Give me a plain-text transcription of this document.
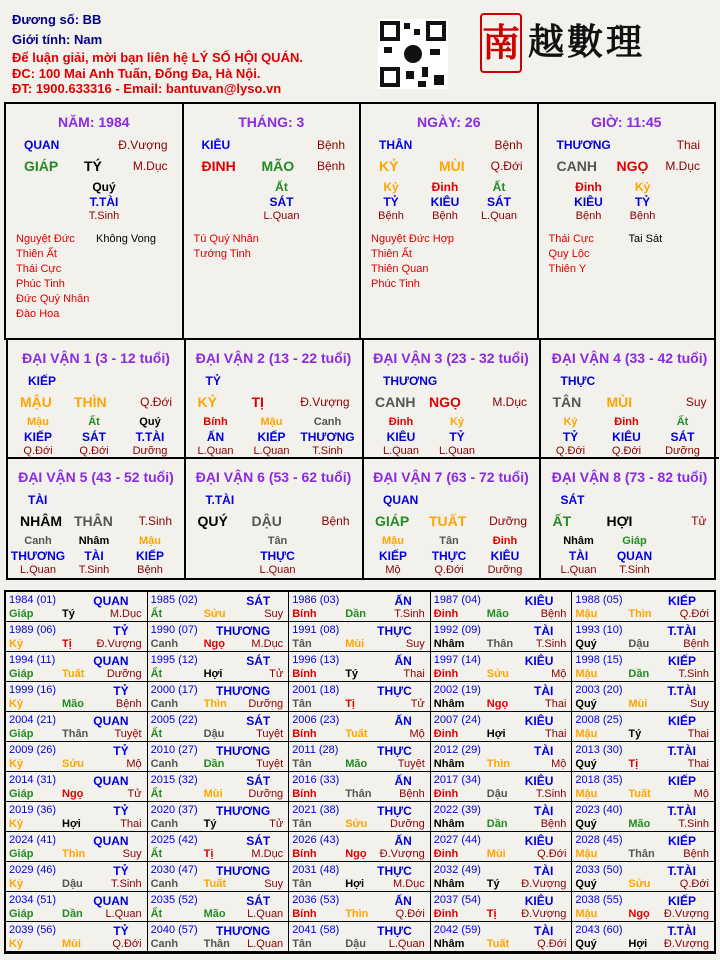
Đương số: BB
Giới tính: Nam
Để luận giải, mời bạn liên hệ LÝ SỐ HỘI QUÁN.
ĐC: 100 Mai Anh Tuấn, Đống Đa, Hà Nội.
ĐT: 1900.633316 - Email: bantuvan@lyso.vn
南 越數理
NĂM: 1984
QUAN	Đ.Vượng
GIÁP TÝ	M.Dục
Quý
T.TÀI
T.Sinh
Nguyệt Đức
Thiên Ất
Thái Cực
Phúc Tinh
Đức Quý Nhân
Đào Hoa
Không Vong
THÁNG: 3
KIÊU	Bệnh
ĐINH MÃO Bệnh
Ất
SÁT
L.Quan
Tú Quý Nhân
Tướng Tinh
NGÀY: 26
THÂN	Bệnh
KỶ	MÙI Q.Đới
Kỷ
TỶ
Bệnh
Đinh
KIÊU
Bệnh
Ất
SÁT
L.Quan
Nguyệt Đức Hợp
Thiên Ất
Thiên Quan
Phúc Tinh
GIỜ: 11:45
THƯƠNG	Thai
CANH NGỌ M.Dục
Đinh
KIÊU
Bệnh
Kỷ
TỶ
Bệnh
Thái Cực
Quy Lộc
Thiên Y
Tai Sát
ĐẠI VẬN 1 (3 - 12 tuổi)
KIẾP
MẬU THÌN	Q.Đới
Mậu
KIẾP
Q.Đới
Ất
SÁT
Q.Đới
Quý
T.TÀI
Dưỡng
ĐẠI VẬN 2 (13 - 22 tuổi)
TỶ
KỶ TỊ	Đ.Vượng
Bính
ẤN
L.Quan
Mậu
KIẾP
L.Quan
Canh
THƯƠNG
T.Sinh
ĐẠI VẬN 3 (23 - 32 tuổi)
THƯƠNG
CANH NGỌ	M.Dục
Đinh
KIÊU
L.Quan
Kỷ
TỶ
L.Quan
ĐẠI VẬN 4 (33 - 42 tuổi)
THỰC
TÂN MÙI	Suy
Kỷ
TỶ
Q.Đới
Đinh
KIÊU
Q.Đới
Ất
SÁT
Dưỡng
ĐẠI VẬN 5 (43 - 52 tuổi)
TÀI
NHÂM THÂN T.Sinh
Canh
THƯƠNG
L.Quan
Nhâm
TÀI
T.Sinh
Mậu
KIẾP
Bệnh
ĐẠI VẬN 6 (53 - 62 tuổi)
T.TÀI
QUÝ DẬU	Bệnh
Tân
THỰC
L.Quan
ĐẠI VẬN 7 (63 - 72 tuổi)
QUAN
GIÁP TUẤT Dưỡng
Mậu
KIẾP
Mộ
Tân
THỰC
Q.Đới
Đinh
KIÊU
Dưỡng
ĐẠI VẬN 8 (73 - 82 tuổi)
SÁT
ẤT	HỢI	Tử
Nhâm
TÀI
L.Quan
Giáp
QUAN
T.Sinh
1984 (01)	QUAN
Giáp	Tý	M.Dục
1985 (02)	SÁT
Ất	Sửu	Suy
1986 (03)	ẤN
Bính	Dần	T.Sinh
1987 (04)	KIÊU
Đinh	Mão	Bệnh
1988 (05)	KIẾP
Mậu	Thìn	Q.Đới
1989 (06)	TỶ
Kỷ	Tị Đ.Vượng
1990 (07) THƯƠNG
Canh Ngọ M.Dục
1991 (08)	THỰC
Tân	Mùi	Suy
1992 (09)	TÀI
Nhâm Thân T.Sinh
1993 (10)	T.TÀI
Quý	Dậu	Bệnh
1994 (11)	QUAN
Giáp	Tuất Dưỡng
1995 (12)	SÁT
Ất	Hợi	Tử
1996 (13)	ẤN
Bính	Tý	Thai
1997 (14)	KIÊU
Đinh	Sửu	Mộ
1998 (15)	KIẾP
Mậu	Dần	T.Sinh
1999 (16)	TỶ
Kỷ	Mão	Bệnh
2000 (17) THƯƠNG
Canh Thìn Dưỡng
2001 (18)	THỰC
Tân	Tị	Tử
2002 (19)	TÀI
Nhâm Ngọ	Thai
2003 (20)	T.TÀI
Quý	Mùi	Suy
2004 (21)	QUAN
Giáp	Thân Tuyệt
2005 (22)	SÁT
Ất	Dậu	Tuyệt
2006 (23)	ẤN
Bính	Tuất	Mộ
2007 (24)	KIÊU
Đinh	Hợi	Thai
2008 (25)	KIẾP
Mậu	Tý	Thai
2009 (26)	TỶ
Kỷ	Sửu	Mộ
2010 (27) THƯƠNG
Canh Dần	Tuyệt
2011 (28)	THỰC
Tân	Mão	Tuyệt
2012 (29)	TÀI
Nhâm Thìn	Mộ
2013 (30)	T.TÀI
Quý	Tị	Thai
2014 (31)	QUAN
Giáp	Ngọ	Tử
2015 (32)	SÁT
Ất	Mùi Dưỡng
2016 (33)	ẤN
Bính	Thân	Bệnh
2017 (34)	KIÊU
Đinh	Dậu	T.Sinh
2018 (35)	KIẾP
Mậu	Tuất	Mộ
2019 (36)	TỶ
Kỷ	Hợi	Thai
2020 (37) THƯƠNG
Canh Tý	Tử
2021 (38)	THỰC
Tân	Sửu Dưỡng
2022 (39)	TÀI
Nhâm Dần	Bệnh
2023 (40)	T.TÀI
Quý	Mão	T.Sinh
2024 (41)	QUAN
Giáp	Thìn	Suy
2025 (42)	SÁT
Ất	Tị	M.Dục
2026 (43)	ẤN
Bính	Ngọ Đ.Vượng
2027 (44)	KIÊU
Đinh	Mùi	Q.Đới
2028 (45)	KIẾP
Mậu	Thân	Bệnh
2029 (46)	TỶ
Kỷ	Dậu	T.Sinh
2030 (47) THƯƠNG
Canh Tuất	Suy
2031 (48)	THỰC
Tân	Hợi	M.Dục
2032 (49)	TÀI
Nhâm Tý Đ.Vượng
2033 (50)	T.TÀI
Quý	Sửu	Q.Đới
2034 (51)	QUAN
Giáp	Dần L.Quan
2035 (52)	SÁT
Ất	Mão L.Quan
2036 (53)	ẤN
Bính	Thìn Q.Đới
2037 (54)	KIÊU
Đinh	Tị Đ.Vượng
2038 (55)	KIẾP
Mậu	Ngọ Đ.Vượng
2039 (56)	TỶ
Kỷ	Mùi	Q.Đới
2040 (57) THƯƠNG
Canh Thân L.Quan
2041 (58)	THỰC
Tân	Dậu L.Quan
2042 (59)	TÀI
Nhâm Tuất	Q.Đới
2043 (60)	T.TÀI
Quý	Hợi Đ.Vượng
